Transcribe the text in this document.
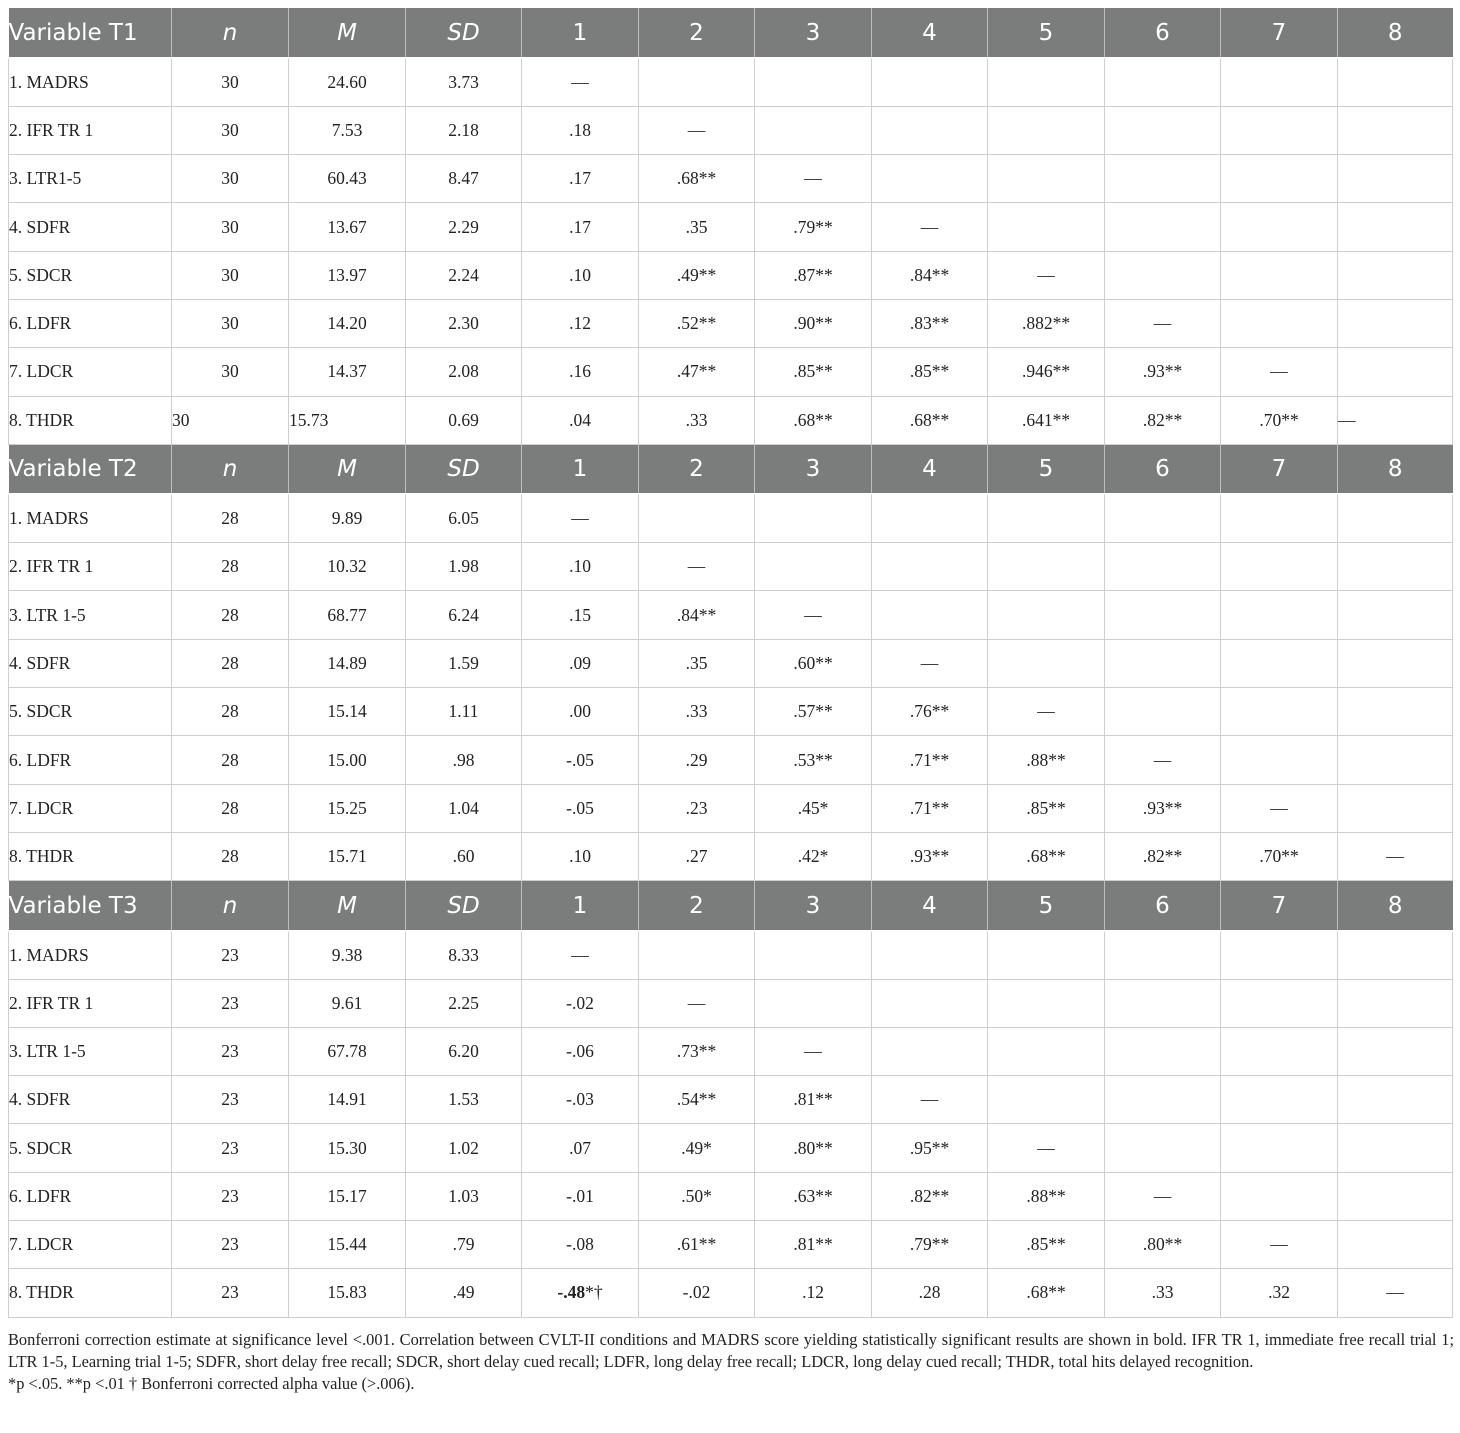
Variable T1	n	M	SD	1	2	3	4	5	6	7	8
1. MADRS	30	24.60	3.73	—							
2. IFR TR 1	30	7.53	2.18	.18	—						
3. LTR1-5	30	60.43	8.47	.17	.68**	—					
4. SDFR	30	13.67	2.29	.17	.35	.79**	—				
5. SDCR	30	13.97	2.24	.10	.49**	.87**	.84**	—			
6. LDFR	30	14.20	2.30	.12	.52**	.90**	.83**	.882**	—		
7. LDCR	30	14.37	2.08	.16	.47**	.85**	.85**	.946**	.93**	—	
8. THDR	30	15.73	0.69	.04	.33	.68**	.68**	.641**	.82**	.70**	—
Variable T2	n	M	SD	1	2	3	4	5	6	7	8
1. MADRS	28	9.89	6.05	—							
2. IFR TR 1	28	10.32	1.98	.10	—						
3. LTR 1-5	28	68.77	6.24	.15	.84**	—					
4. SDFR	28	14.89	1.59	.09	.35	.60**	—				
5. SDCR	28	15.14	1.11	.00	.33	.57**	.76**	—			
6. LDFR	28	15.00	.98	-.05	.29	.53**	.71**	.88**	—		
7. LDCR	28	15.25	1.04	-.05	.23	.45*	.71**	.85**	.93**	—	
8. THDR	28	15.71	.60	.10	.27	.42*	.93**	.68**	.82**	.70**	—
Variable T3	n	M	SD	1	2	3	4	5	6	7	8
1. MADRS	23	9.38	8.33	—							
2. IFR TR 1	23	9.61	2.25	-.02	—						
3. LTR 1-5	23	67.78	6.20	-.06	.73**	—					
4. SDFR	23	14.91	1.53	-.03	.54**	.81**	—				
5. SDCR	23	15.30	1.02	.07	.49*	.80**	.95**	—			
6. LDFR	23	15.17	1.03	-.01	.50*	.63**	.82**	.88**	—		
7. LDCR	23	15.44	.79	-.08	.61**	.81**	.79**	.85**	.80**	—	
8. THDR	23	15.83	.49	-.48*†	-.02	.12	.28	.68**	.33	.32	—

Bonferroni correction estimate at significance level <.001. Correlation between CVLT-II conditions and MADRS score yielding statistically significant results are shown in bold. IFR TR 1, immediate free recall trial 1; LTR 1-5, Learning trial 1-5; SDFR, short delay free recall; SDCR, short delay cued recall; LDFR, long delay free recall; LDCR, long delay cued recall; THDR, total hits delayed recognition.

*p <.05. **p <.01 † Bonferroni corrected alpha value (>.006).
